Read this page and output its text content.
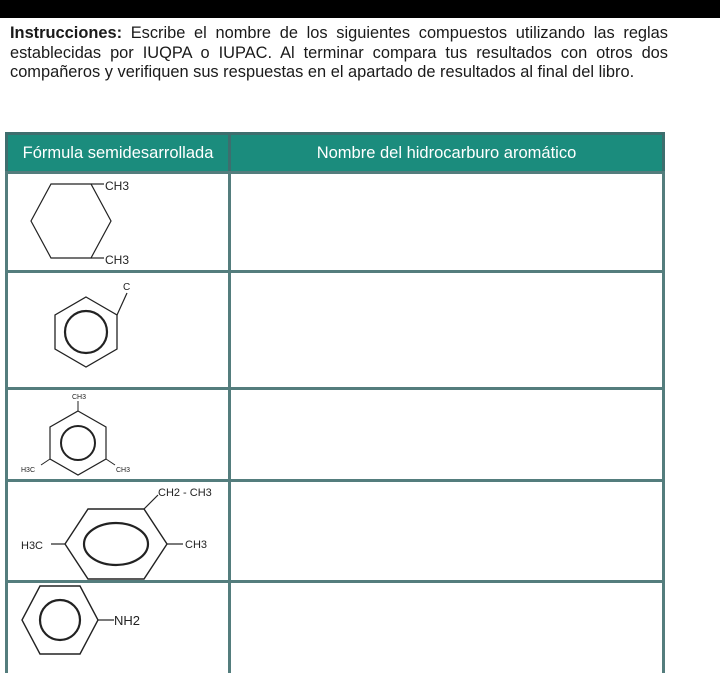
Instrucciones: Escribe el nombre de los siguientes compuestos utilizando las reglas establecidas por IUQPA o IUPAC. Al terminar compara tus resultados con otros dos compañeros y verifiquen sus respuestas en el apartado de resultados al final del libro.

Fórmula semidesarrollada	Nombre del hidrocarburo aromático

CH3
CH3	

C	

CH3
H3C CH3	

CH2 - CH3
H3C CH3	

NH2	
